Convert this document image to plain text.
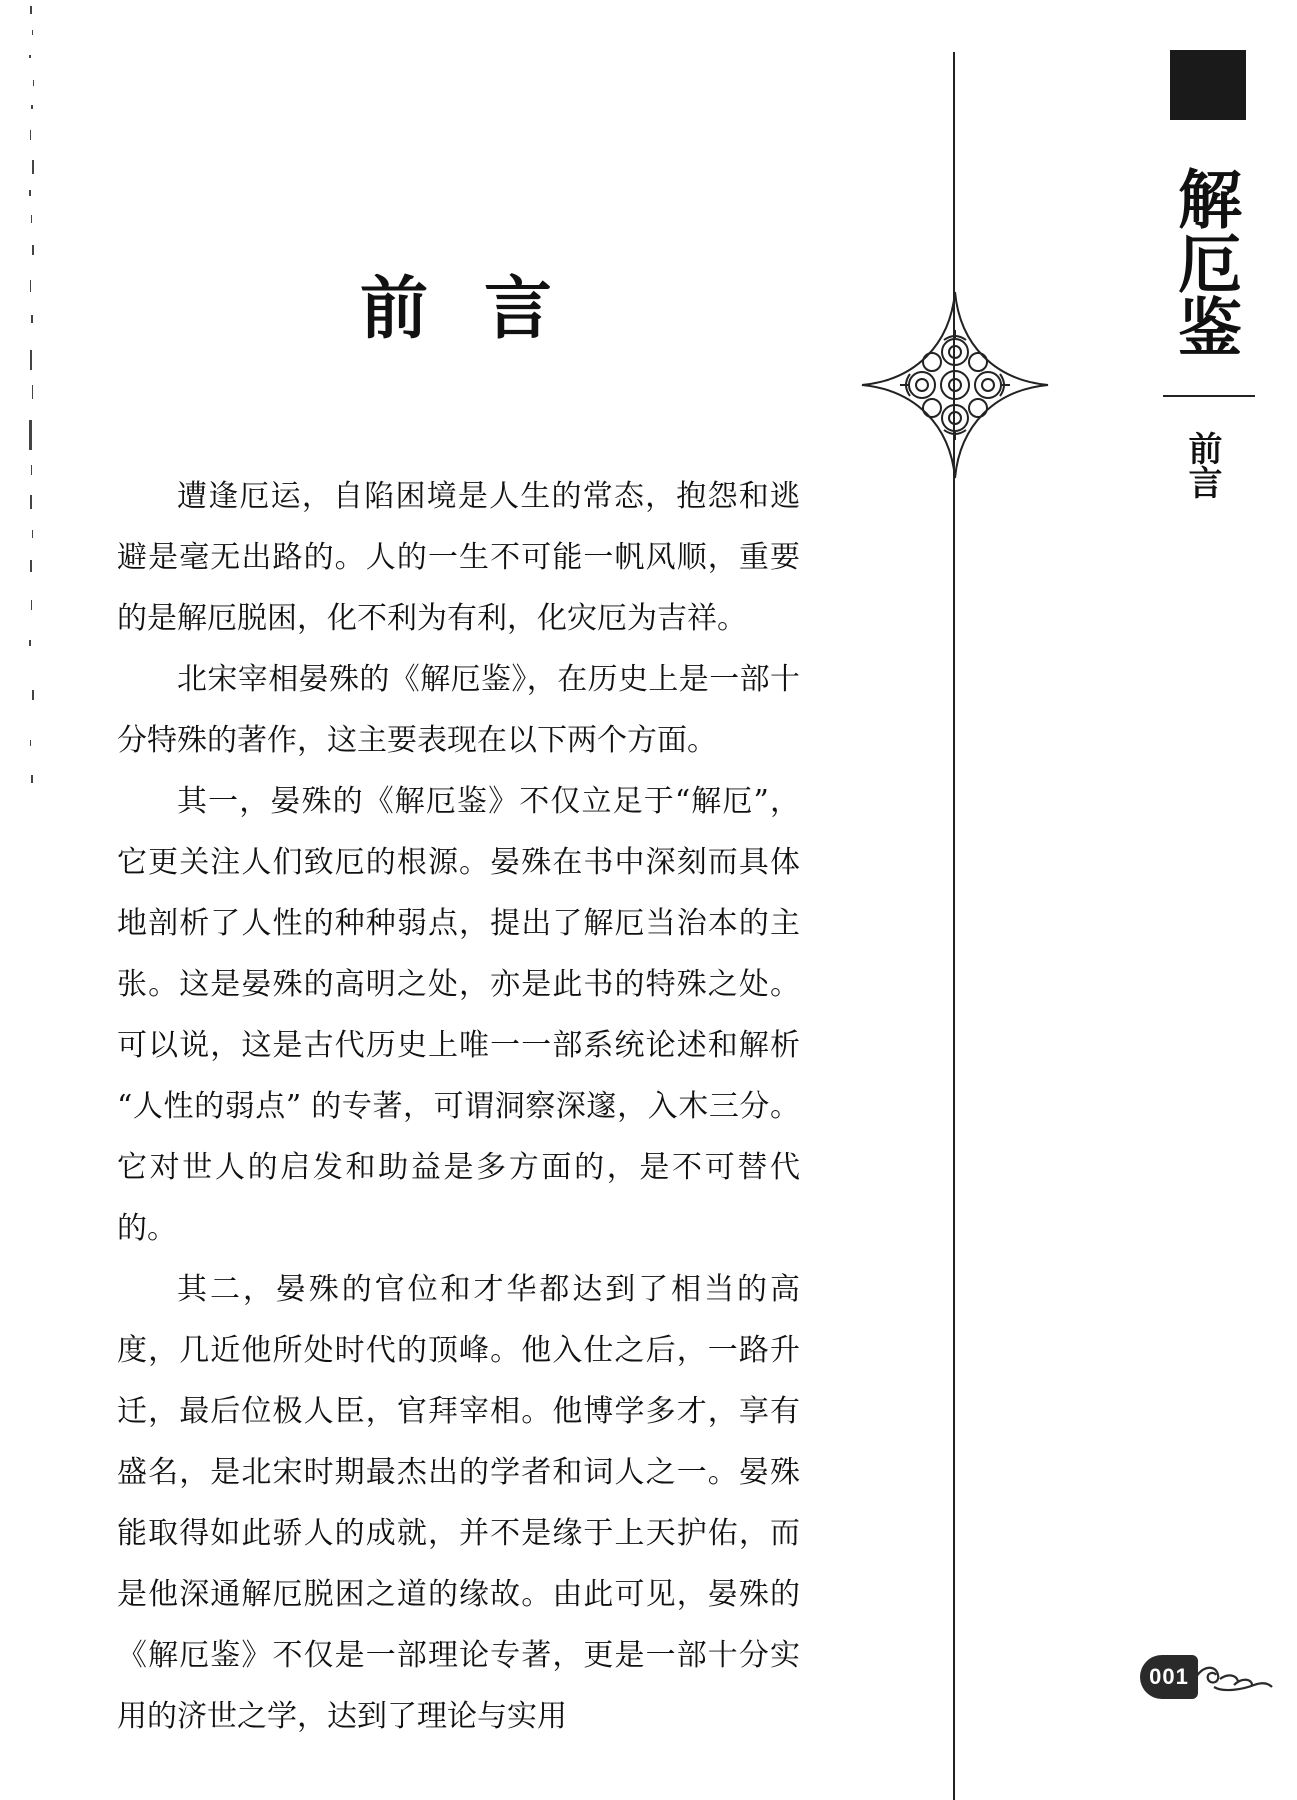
前言

遭逢厄运，自陷困境是人生的常态，抱怨和逃避是毫无出路的。人的一生不可能一帆风顺，重要的是解厄脱困，化不利为有利，化灾厄为吉祥。

北宋宰相晏殊的《解厄鉴》，在历史上是一部十分特殊的著作，这主要表现在以下两个方面。

其一，晏殊的《解厄鉴》不仅立足于“解厄”，它更关注人们致厄的根源。晏殊在书中深刻而具体地剖析了人性的种种弱点，提出了解厄当治本的主张。这是晏殊的高明之处，亦是此书的特殊之处。可以说，这是古代历史上唯一一部系统论述和解析 “人性的弱点” 的专著，可谓洞察深邃，入木三分。它对世人的启发和助益是多方面的，是不可替代的。

其二，晏殊的官位和才华都达到了相当的高度，几近他所处时代的顶峰。他入仕之后，一路升迁，最后位极人臣，官拜宰相。他博学多才，享有盛名，是北宋时期最杰出的学者和词人之一。晏殊能取得如此骄人的成就，并不是缘于上天护佑，而是他深通解厄脱困之道的缘故。由此可见，晏殊的《解厄鉴》不仅是一部理论专著，更是一部十分实用的济世之学，达到了理论与实用

解厄鉴
前言
001
